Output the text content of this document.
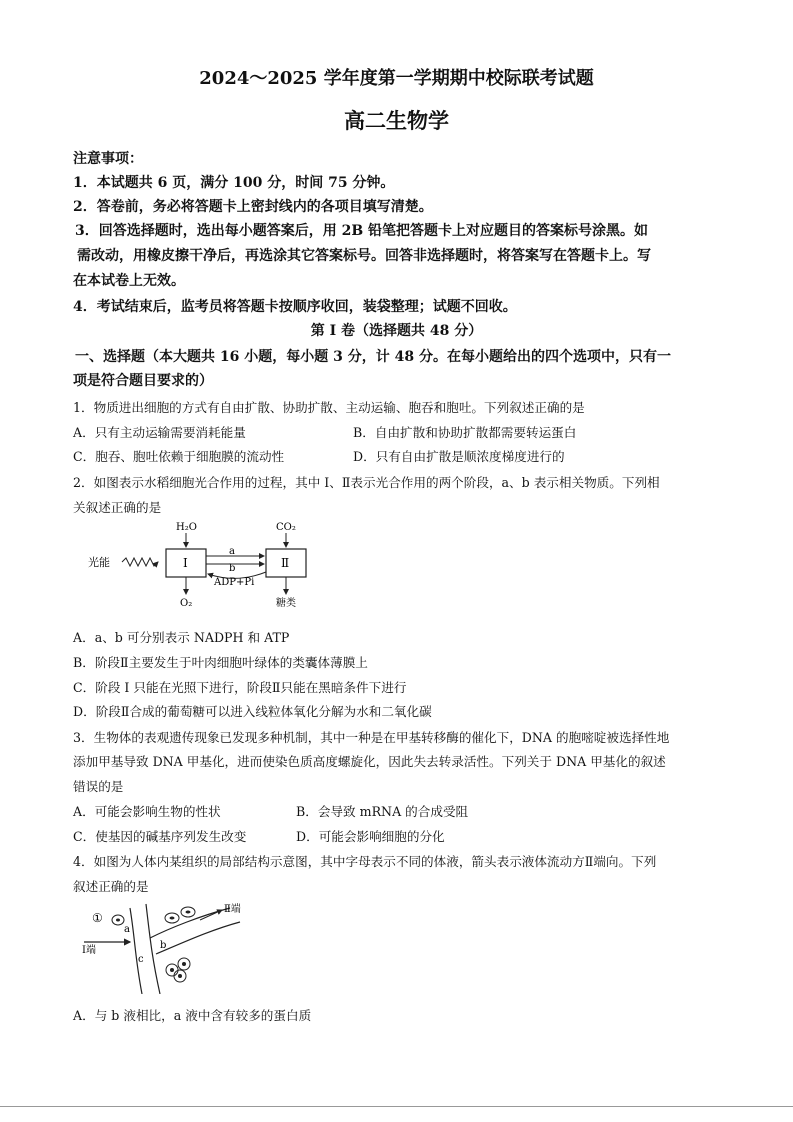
2024～2025 学年度第一学期期中校际联考试题
高二生物学
注意事项：
1．本试题共 6 页，满分 100 分，时间 75 分钟。
2．答卷前，务必将答题卡上密封线内的各项目填写清楚。
3．回答选择题时，选出每小题答案后，用 2B 铅笔把答题卡上对应题目的答案标号涂黑。如
需改动，用橡皮擦干净后，再选涂其它答案标号。回答非选择题时，将答案写在答题卡上。写
在本试卷上无效。
4．考试结束后，监考员将答题卡按顺序收回，装袋整理；试题不回收。
第 I 卷（选择题共 48 分）
一、选择题（本大题共 16 小题，每小题 3 分，计 48 分。在每小题给出的四个选项中，只有一
项是符合题目要求的）
1．物质进出细胞的方式有自由扩散、协助扩散、主动运输、胞吞和胞吐。下列叙述正确的是
A．只有主动运输需要消耗能量	B．自由扩散和协助扩散都需要转运蛋白
C．胞吞、胞吐依赖于细胞膜的流动性	D．只有自由扩散是顺浓度梯度进行的
2．如图表示水稻细胞光合作用的过程，其中 I、Ⅱ表示光合作用的两个阶段，a、b 表示相关物质。下列相
关叙述正确的是
光能	I	Ⅱ
H₂O
O₂
CO₂
糖类
a
b
ADP+Pi
A．a、b 可分别表示 NADPH 和 ATP
B．阶段Ⅱ主要发生于叶肉细胞叶绿体的类囊体薄膜上
C．阶段 I 只能在光照下进行，阶段Ⅱ只能在黑暗条件下进行
D．阶段Ⅱ合成的葡萄糖可以进入线粒体氧化分解为水和二氧化碳
3．生物体的表观遗传现象已发现多种机制，其中一种是在甲基转移酶的催化下，DNA 的胞嘧啶被选择性地
添加甲基导致 DNA 甲基化，进而使染色质高度螺旋化，因此失去转录活性。下列关于 DNA 甲基化的叙述
错误的是
A．可能会影响生物的性状	B．会导致 mRNA 的合成受阻
C．使基因的碱基序列发生改变	D．可能会影响细胞的分化
4．如图为人体内某组织的局部结构示意图，其中字母表示不同的体液，箭头表示液体流动方Ⅱ端向。下列
叙述正确的是
①
Ⅰ端
Ⅱ端
a
b
c
A．与 b 液相比，a 液中含有较多的蛋白质
